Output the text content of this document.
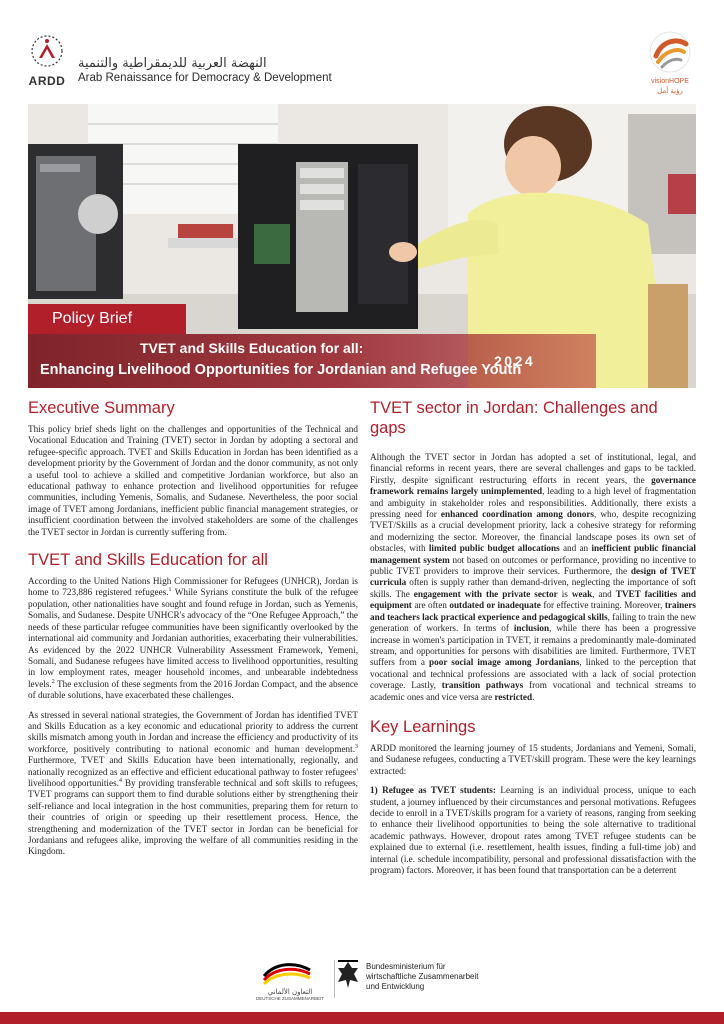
ARDD
النهضة العربية للديمقراطية والتنمية
Arab Renaissance for Democracy & Development	visionHOPE
رؤية أمل
Policy Brief
TVET and Skills Education for all:
Enhancing Livelihood Opportunities for Jordanian and Refugee Youth
2024
Executive Summary

This policy brief sheds light on the challenges and opportunities of the Technical and Vocational Education and Training (TVET) sector in Jordan by adopting a sectoral and refugee-specific approach. TVET and Skills Education in Jordan has been identified as a development priority by the Government of Jordan and the donor community, as not only a useful tool to achieve a skilled and competitive Jordanian workforce, but also an educational pathway to enhance protection and livelihood opportunities for refugee communities, including Yemenis, Somalis, and Sudanese. Nevertheless, the poor social image of TVET among Jordanians, inefficient public financial management strategies, or insufficient coordination between the involved stakeholders are some of the challenges the TVET sector in Jordan is currently suffering from.

TVET and Skills Education for all

According to the United Nations High Commissioner for Refugees (UNHCR), Jordan is home to 723,886 registered refugees.$^1$ While Syrians constitute the bulk of the refugee population, other nationalities have sought and found refuge in Jordan, such as Yemenis, Somalis, and Sudanese. Despite UNHCR's advocacy of the “One Refugee Approach,” the needs of these particular refugee communities have been significantly overlooked by the international aid community and Jordanian authorities, exacerbating their vulnerabilities. As evidenced by the 2022 UNHCR Vulnerability Assessment Framework, Yemeni, Somali, and Sudanese refugees have limited access to livelihood opportunities, resulting in low employment rates, meager household incomes, and unbearable indebtedness levels.$^2$ The exclusion of these segments from the 2016 Jordan Compact, and the absence of durable solutions, have exacerbated these challenges.

As stressed in several national strategies, the Government of Jordan has identified TVET and Skills Education as a key economic and educational priority to address the current skills mismatch among youth in Jordan and increase the efficiency and productivity of its workforce, positively contributing to national economic and human development.$^3$ Furthermore, TVET and Skills Education have been internationally, regionally, and nationally recognized as an effective and efficient educational pathway to foster refugees' livelihood opportunities.$^4$ By providing transferable technical and soft skills to refugees, TVET programs can support them to find durable solutions either by strengthening their self-reliance and local integration in the host communities, preparing them for return to their countries of origin or speeding up their resettlement process. Hence, the strengthening and modernization of the TVET sector in Jordan can be beneficial for Jordanians and refugees alike, improving the welfare of all communities residing in the Kingdom.

TVET sector in Jordan: Challenges and gaps

Although the TVET sector in Jordan has adopted a set of institutional, legal, and financial reforms in recent years, there are several challenges and gaps to be tackled. Firstly, despite significant restructuring efforts in recent years, the governance framework remains largely unimplemented, leading to a high level of fragmentation and ambiguity in stakeholder roles and responsibilities. Additionally, there exists a pressing need for enhanced coordination among donors, who, despite recognizing TVET/Skills as a crucial development priority, lack a cohesive strategy for reforming and modernizing the sector. Moreover, the financial landscape poses its own set of obstacles, with limited public budget allocations and an inefficient public financial management system not based on outcomes or performance, providing no incentive to public TVET providers to improve their services. Furthermore, the design of TVET curricula often is supply rather than demand-driven, neglecting the importance of soft skills. The engagement with the private sector is weak, and TVET facilities and equipment are often outdated or inadequate for effective training. Moreover, trainers and teachers lack practical experience and pedagogical skills, failing to train the new generation of workers. In terms of inclusion, while there has been a progressive increase in women's participation in TVET, it remains a predominantly male-dominated stream, and opportunities for persons with disabilities are limited. Furthermore, TVET suffers from a poor social image among Jordanians, linked to the perception that vocational and technical professions are associated with a lack of social protection coverage. Lastly, transition pathways from vocational and technical streams to academic ones and vice versa are restricted.

Key Learnings

ARDD monitored the learning journey of 15 students, Jordanians and Yemeni, Somali, and Sudanese refugees, conducting a TVET/skill program. These were the key learnings extracted:

1) Refugee as TVET students: Learning is an individual process, unique to each student, a journey influenced by their circumstances and personal motivations. Refugees decide to enroll in a TVET/skills program for a variety of reasons, ranging from seeking to enhance their livelihood opportunities to being the sole alternative to traditional academic pathways. However, dropout rates among TVET refugee students can be explained due to external (i.e. resettlement, health issues, finding a full-time job) and internal (i.e. schedule incompatibility, personal and professional dissatisfaction with the program) factors. Moreover, it has been found that transportation can be a deterrent

التعاون الألماني
DEUTSCHE ZUSAMMENARBEIT
Bundesministerium für
wirtschaftliche Zusammenarbeit
und Entwicklung
